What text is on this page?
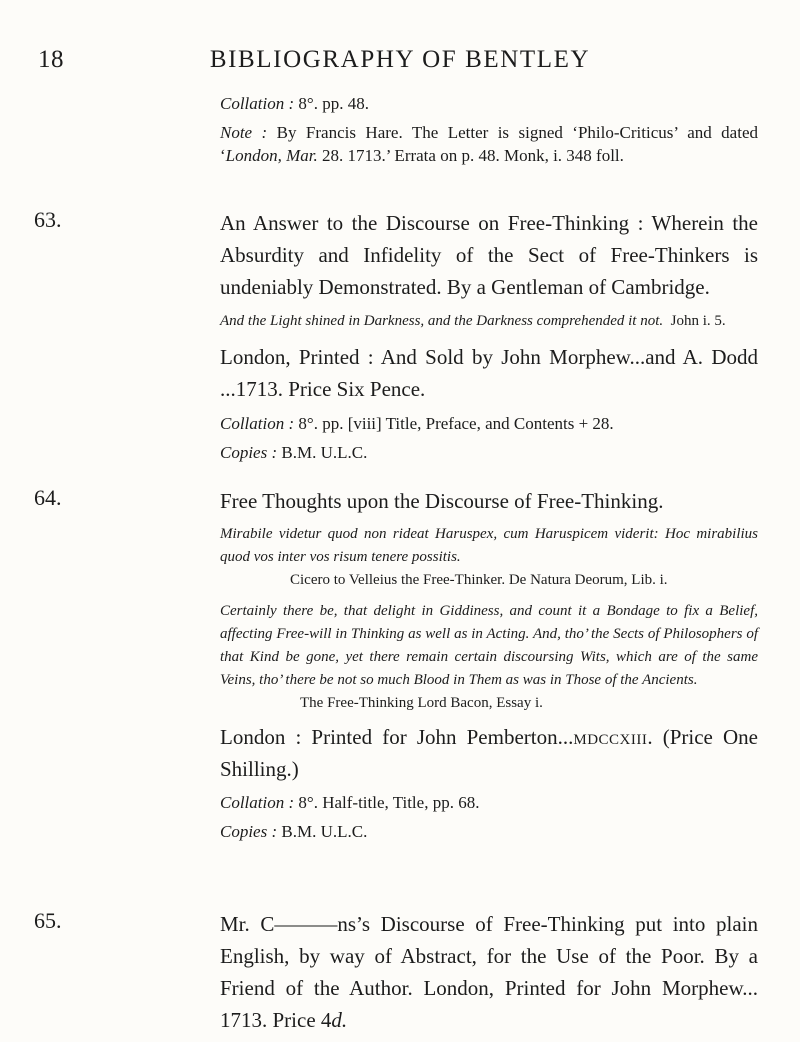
18	BIBLIOGRAPHY OF BENTLEY

Collation : 8°. pp. 48.

Note : By Francis Hare. The Letter is signed ‘Philo-Criticus’ and dated ‘London, Mar. 28. 1713.’ Errata on p. 48. Monk, i. 348 foll.

63.	An Answer to the Discourse on Free-Thinking : Wherein the Absurdity and Infidelity of the Sect of Free-Thinkers is undeniably Demonstrated. By a Gentleman of Cambridge.

And the Light shined in Darkness, and the Darkness comprehended it not. John i. 5.

London, Printed : And Sold by John Morphew...and A. Dodd ...1713. Price Six Pence.

Collation : 8°. pp. [viii] Title, Preface, and Contents + 28.

Copies : B.M. U.L.C.

64.	Free Thoughts upon the Discourse of Free-Thinking.

Mirabile videtur quod non rideat Haruspex, cum Haruspicem viderit: Hoc mirabilius quod vos inter vos risum tenere possitis.

Cicero to Velleius the Free-Thinker. De Natura Deorum, Lib. i.

Certainly there be, that delight in Giddiness, and count it a Bondage to fix a Belief, affecting Free-will in Thinking as well as in Acting. And, tho’ the Sects of Philosophers of that Kind be gone, yet there remain certain discoursing Wits, which are of the same Veins, tho’ there be not so much Blood in Them as was in Those of the Ancients.

The Free-Thinking Lord Bacon, Essay i.

London : Printed for John Pemberton...mdccxiii. (Price One Shilling.)

Collation : 8°. Half-title, Title, pp. 68.

Copies : B.M. U.L.C.

65.	Mr. C———ns’s Discourse of Free-Thinking put into plain English, by way of Abstract, for the Use of the Poor. By a Friend of the Author. London, Printed for John Morphew... 1713. Price 4d.
